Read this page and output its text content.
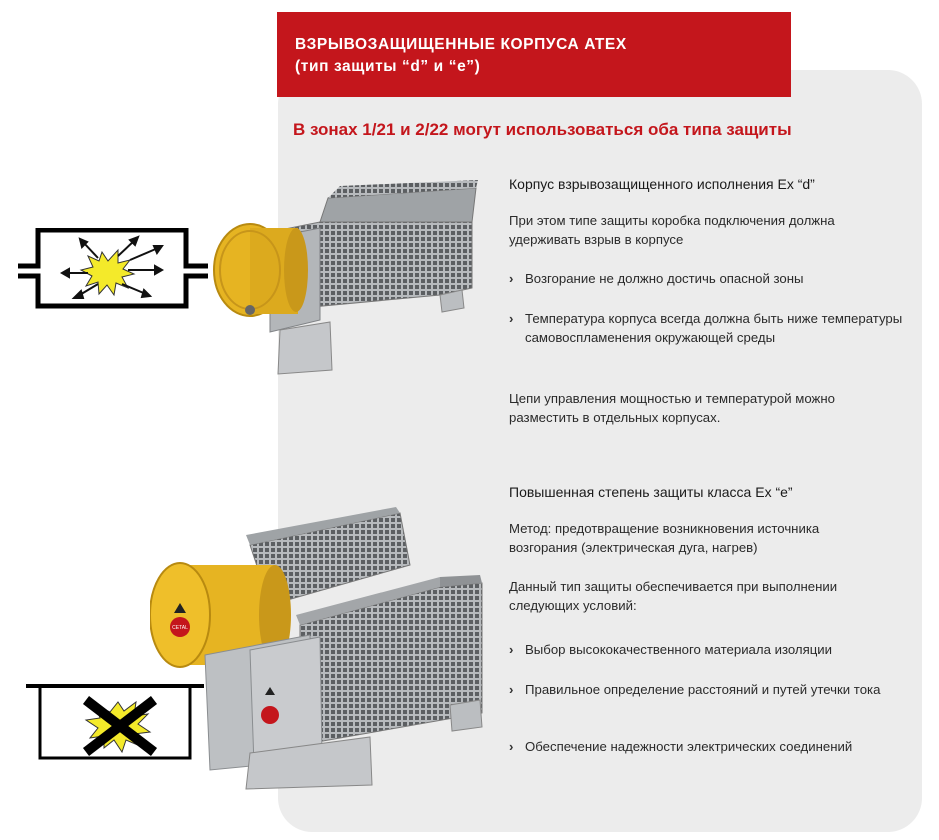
ВЗРЫВОЗАЩИЩЕННЫЕ КОРПУСА ATEX
(тип защиты “d” и “e”)
В зонах 1/21 и 2/22 могут использоваться оба типа защиты
CETAL
Корпус взрывозащищенного исполнения Ex “d”
При этом типе защиты коробка подключения должна удерживать взрыв в корпусе
› Возгорание не должно достичь опасной зоны
› Температура корпуса всегда должна быть ниже температуры самовоспламенения окружающей среды
Цепи управления мощностью и температурой можно разместить в отдельных корпусах.
Повышенная степень защиты класса Ex “e”
Метод: предотвращение возникновения источника возгорания (электрическая дуга, нагрев)
Данный тип защиты обеспечивается при выполнении следующих условий:
› Выбор высококачественного материала изоляции
› Правильное определение расстояний и путей утечки тока
› Обеспечение надежности электрических соединений
